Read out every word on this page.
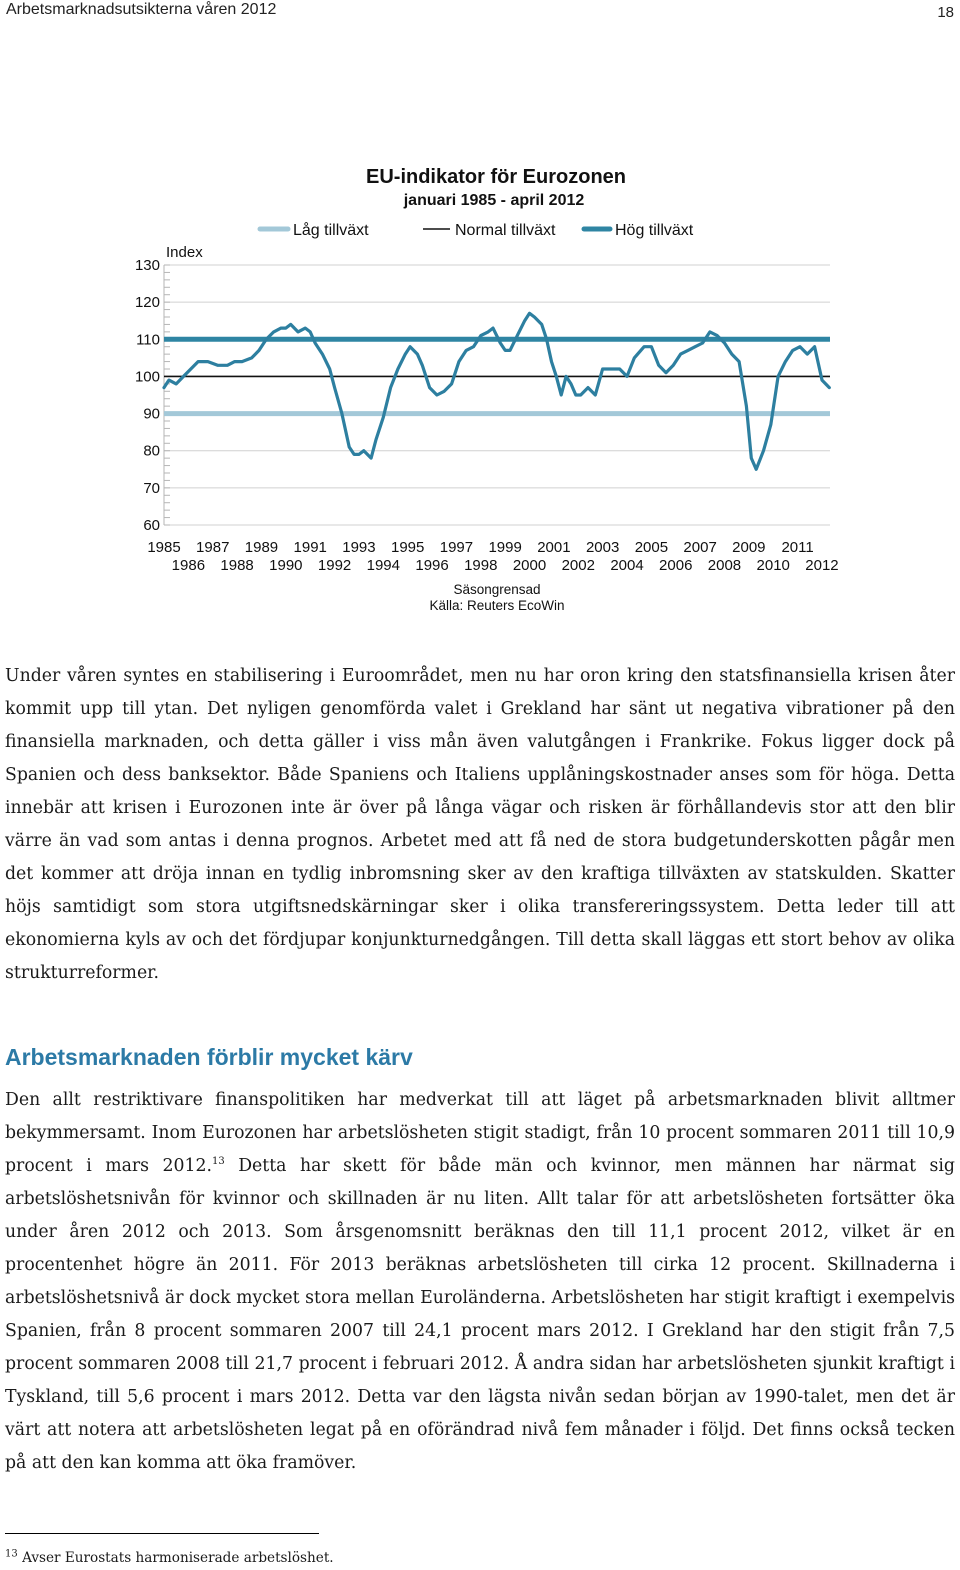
Arbetsmarknadsutsikterna våren 2012	18
EU-indikator för Eurozonen
januari 1985 - april 2012
Låg tillväxt	Normal tillväxt	Hög tillväxt
Index
130
120
110
100
90
80
70
60
1985 1987 1989 1991 1993 1995 1997 1999 2001 2003 2005 2007 2009 2011
1986 1988 1990 1992 1994 1996 1998 2000 2002 2004 2006 2008 2010 2012
Säsongrensad
Källa: Reuters EcoWin

Under våren syntes en stabilisering i Euroområdet, men nu har oron kring den statsfinansiella krisen åter kommit upp till ytan. Det nyligen genomförda valet i Grekland har sänt ut negativa vibrationer på den finansiella marknaden, och detta gäller i viss mån även valutgången i Frankrike. Fokus ligger dock på Spanien och dess banksektor. Både Spaniens och Italiens upplåningskostnader anses som för höga. Detta innebär att krisen i Eurozonen inte är över på långa vägar och risken är förhållandevis stor att den blir värre än vad som antas i denna prognos. Arbetet med att få ned de stora budgetunderskotten pågår men det kommer att dröja innan en tydlig inbromsning sker av den kraftiga tillväxten av statskulden. Skatter höjs samtidigt som stora utgiftsnedskärningar sker i olika transfereringssystem. Detta leder till att ekonomierna kyls av och det fördjupar konjunkturnedgången. Till detta skall läggas ett stort behov av olika strukturreformer.

Arbetsmarknaden förblir mycket kärv

Den allt restriktivare finanspolitiken har medverkat till att läget på arbetsmarknaden blivit alltmer bekymmersamt. Inom Eurozonen har arbetslösheten stigit stadigt, från 10 procent sommaren 2011 till 10,9 procent i mars 2012.13 Detta har skett för både män och kvinnor, men männen har närmat sig arbetslöshetsnivån för kvinnor och skillnaden är nu liten. Allt talar för att arbetslösheten fortsätter öka under åren 2012 och 2013. Som årsgenomsnitt beräknas den till 11,1 procent 2012, vilket är en procentenhet högre än 2011. För 2013 beräknas arbetslösheten till cirka 12 procent. Skillnaderna i arbetslöshetsnivå är dock mycket stora mellan Euroländerna. Arbetslösheten har stigit kraftigt i exempelvis Spanien, från 8 procent sommaren 2007 till 24,1 procent mars 2012. I Grekland har den stigit från 7,5 procent sommaren 2008 till 21,7 procent i februari 2012. Å andra sidan har arbetslösheten sjunkit kraftigt i Tyskland, till 5,6 procent i mars 2012. Detta var den lägsta nivån sedan början av 1990-talet, men det är värt att notera att arbetslösheten legat på en oförändrad nivå fem månader i följd. Det finns också tecken på att den kan komma att öka framöver.

$^{13}$ Avser Eurostats harmoniserade arbetslöshet.
